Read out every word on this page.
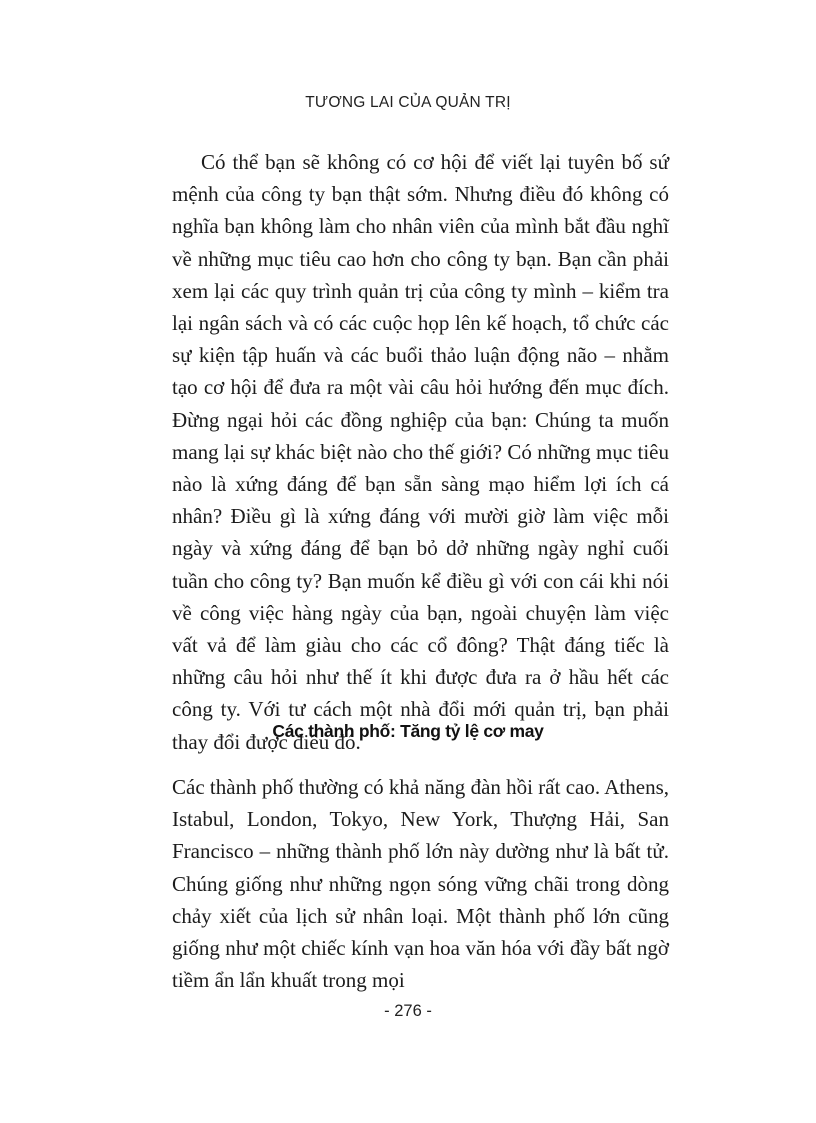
TƯƠNG LAI CỦA QUẢN TRỊ

Có thể bạn sẽ không có cơ hội để viết lại tuyên bố sứ mệnh của công ty bạn thật sớm. Nhưng điều đó không có nghĩa bạn không làm cho nhân viên của mình bắt đầu nghĩ về những mục tiêu cao hơn cho công ty bạn. Bạn cần phải xem lại các quy trình quản trị của công ty mình – kiểm tra lại ngân sách và có các cuộc họp lên kế hoạch, tổ chức các sự kiện tập huấn và các buổi thảo luận động não – nhằm tạo cơ hội để đưa ra một vài câu hỏi hướng đến mục đích. Đừng ngại hỏi các đồng nghiệp của bạn: Chúng ta muốn mang lại sự khác biệt nào cho thế giới? Có những mục tiêu nào là xứng đáng để bạn sẵn sàng mạo hiểm lợi ích cá nhân? Điều gì là xứng đáng với mười giờ làm việc mỗi ngày và xứng đáng để bạn bỏ dở những ngày nghỉ cuối tuần cho công ty? Bạn muốn kể điều gì với con cái khi nói về công việc hàng ngày của bạn, ngoài chuyện làm việc vất vả để làm giàu cho các cổ đông? Thật đáng tiếc là những câu hỏi như thế ít khi được đưa ra ở hầu hết các công ty. Với tư cách một nhà đổi mới quản trị, bạn phải thay đổi được điều đó.

Các thành phố: Tăng tỷ lệ cơ may

Các thành phố thường có khả năng đàn hồi rất cao. Athens, Istabul, London, Tokyo, New York, Thượng Hải, San Francisco – những thành phố lớn này dường như là bất tử. Chúng giống như những ngọn sóng vững chãi trong dòng chảy xiết của lịch sử nhân loại. Một thành phố lớn cũng giống như một chiếc kính vạn hoa văn hóa với đầy bất ngờ tiềm ẩn lẩn khuất trong mọi

- 276 -
